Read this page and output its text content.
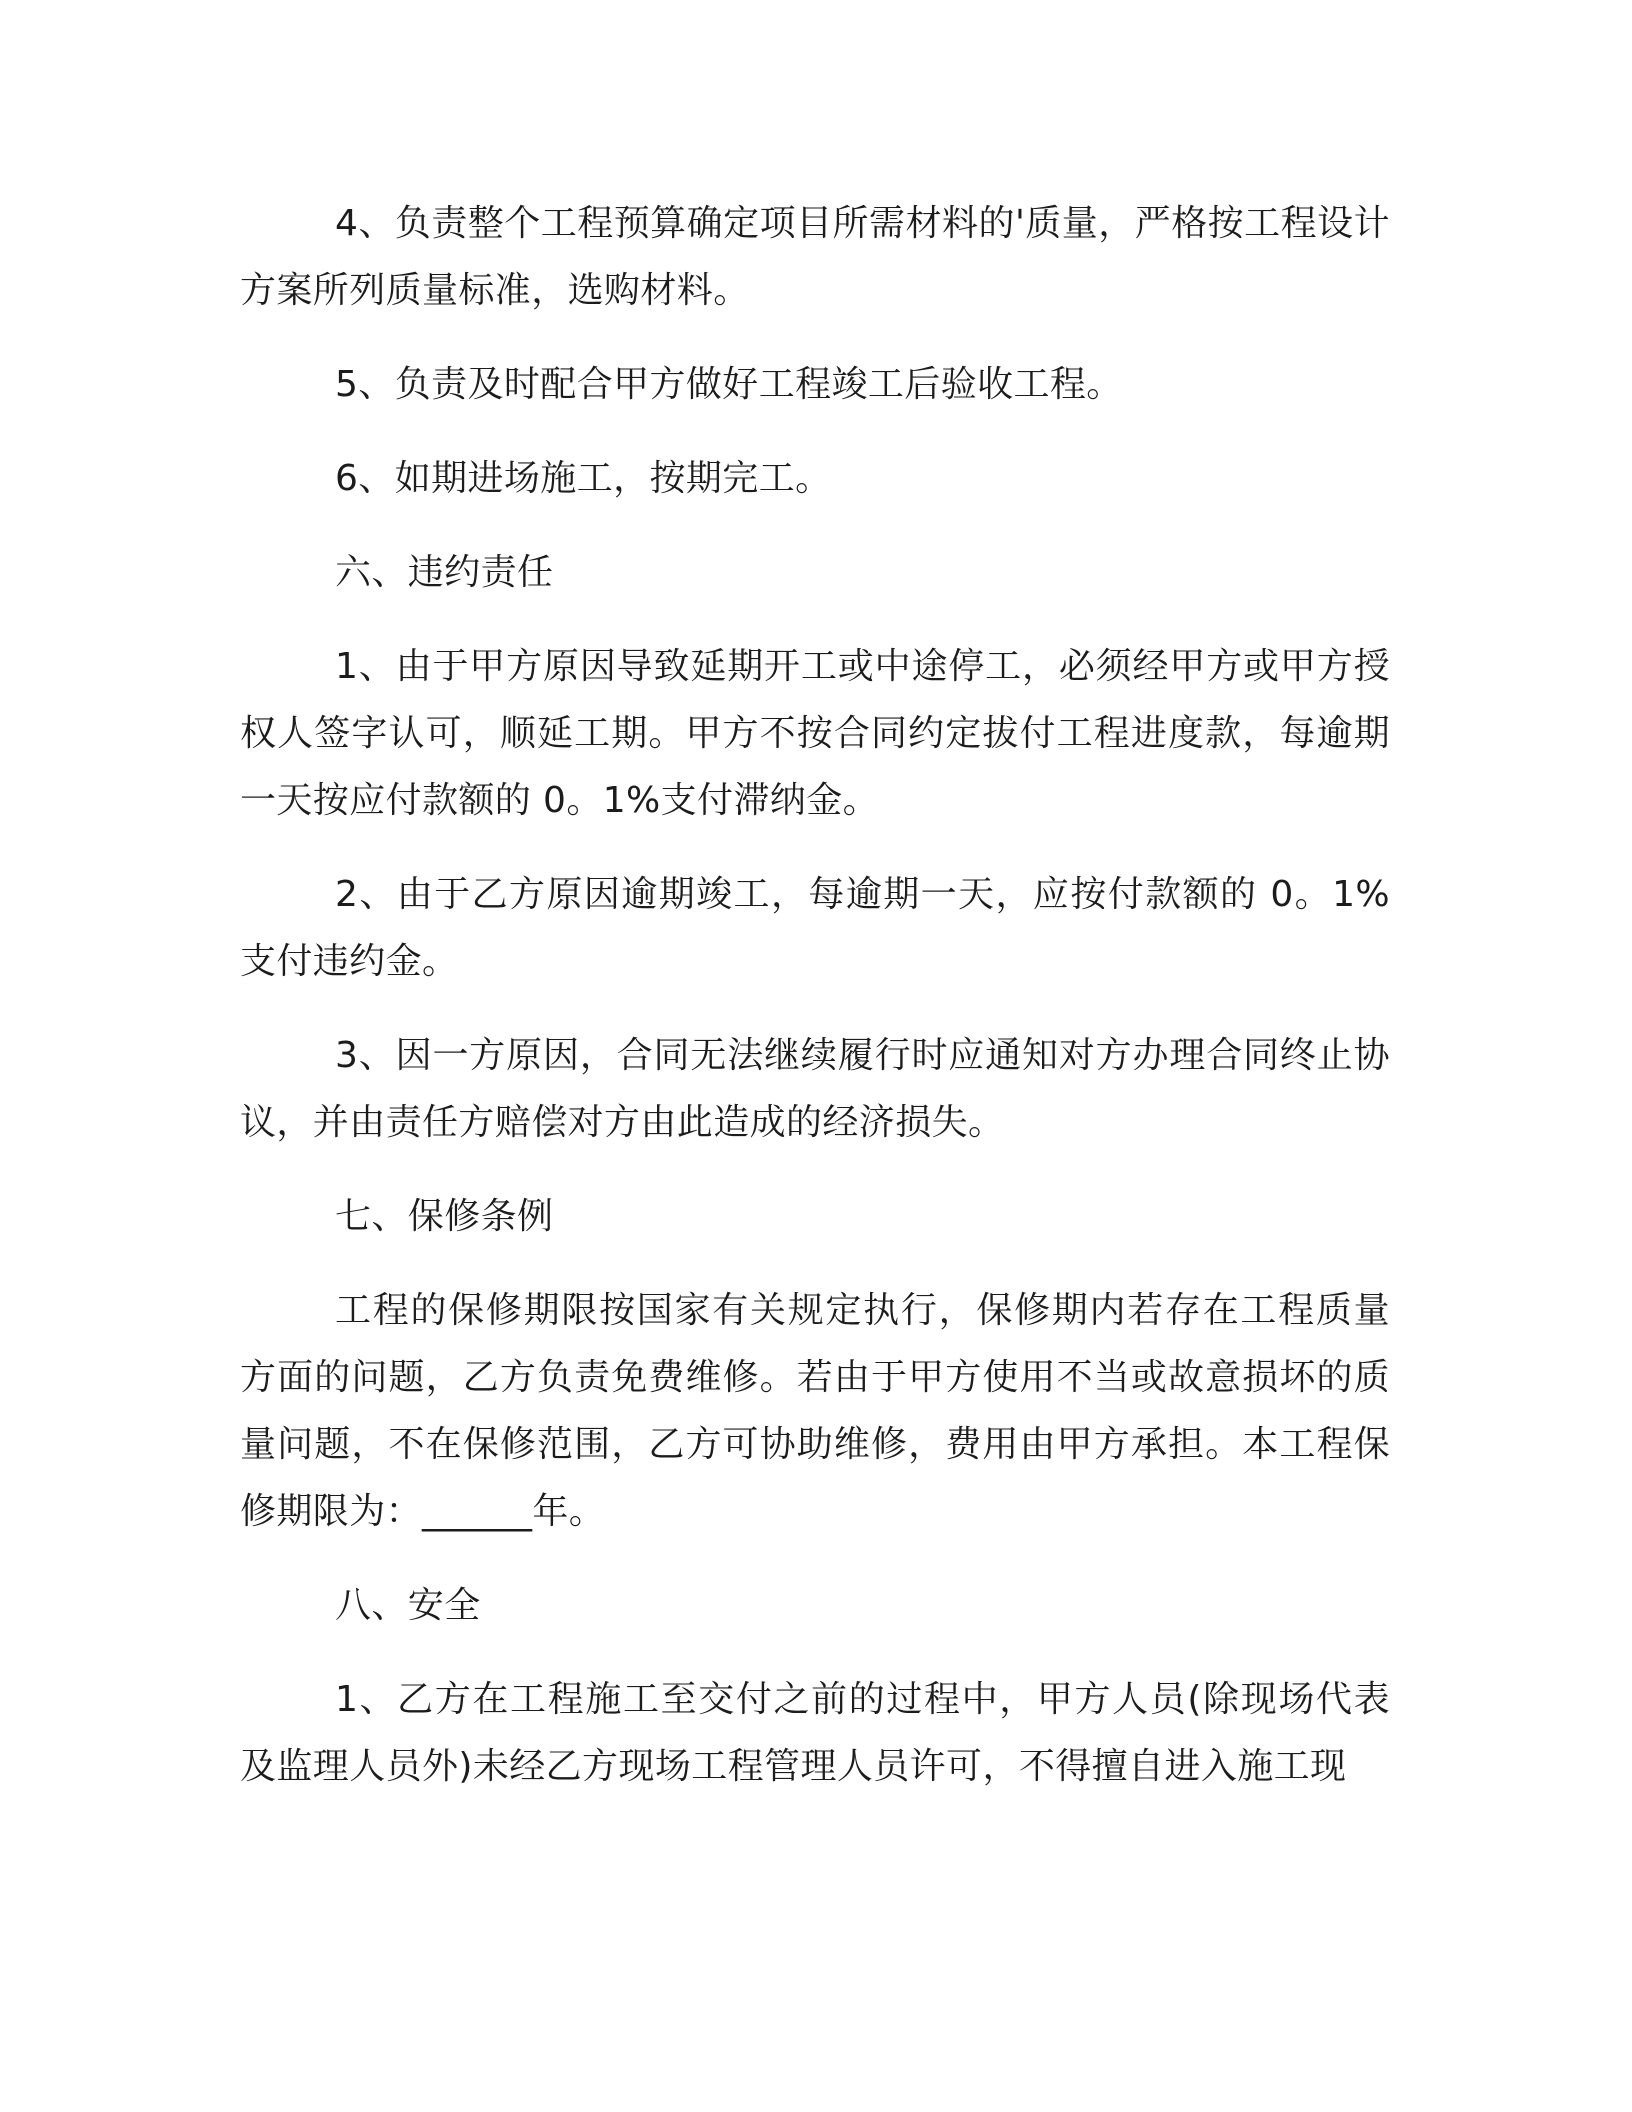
4、负责整个工程预算确定项目所需材料的'质量，严格按工程设计方案所列质量标准，选购材料。

5、负责及时配合甲方做好工程竣工后验收工程。

6、如期进场施工，按期完工。

六、违约责任

1、由于甲方原因导致延期开工或中途停工，必须经甲方或甲方授权人签字认可，顺延工期。甲方不按合同约定拔付工程进度款，每逾期一天按应付款额的 0。1%支付滞纳金。

2、由于乙方原因逾期竣工，每逾期一天，应按付款额的 0。1%支付违约金。

3、因一方原因，合同无法继续履行时应通知对方办理合同终止协议，并由责任方赔偿对方由此造成的经济损失。

七、保修条例

工程的保修期限按国家有关规定执行，保修期内若存在工程质量方面的问题，乙方负责免费维修。若由于甲方使用不当或故意损坏的质量问题，不在保修范围，乙方可协助维修，费用由甲方承担。本工程保修期限为：______年。

八、安全

1、乙方在工程施工至交付之前的过程中，甲方人员(除现场代表及监理人员外)未经乙方现场工程管理人员许可，不得擅自进入施工现
